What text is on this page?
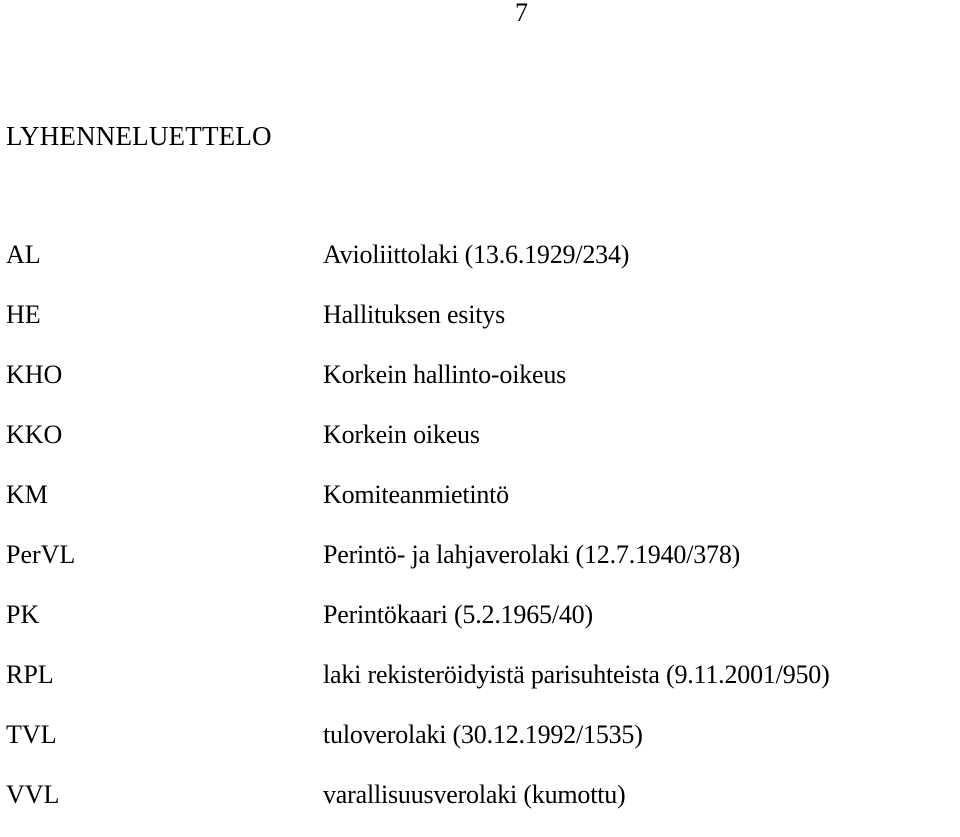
7
LYHENNELUETTELO
AL	Avioliittolaki (13.6.1929/234)
HE	Hallituksen esitys
KHO	Korkein hallinto-oikeus
KKO	Korkein oikeus
KM	Komiteanmietintö
PerVL	Perintö- ja lahjaverolaki (12.7.1940/378)
PK	Perintökaari (5.2.1965/40)
RPL	laki rekisteröidyistä parisuhteista (9.11.2001/950)
TVL	tuloverolaki (30.12.1992/1535)
VVL	varallisuusverolaki (kumottu)
